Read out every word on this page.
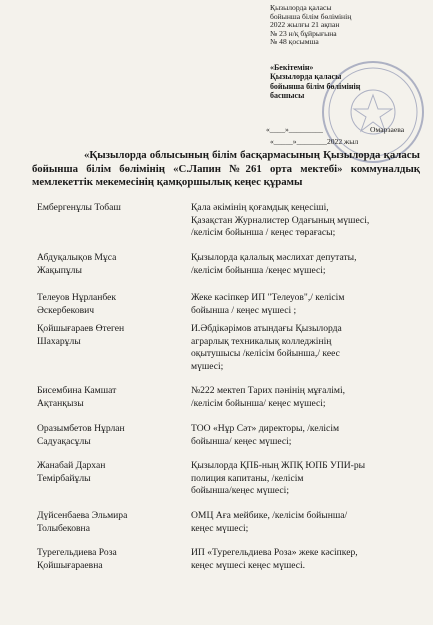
Қызылорда қаласы
бойынша білім бөлімінің
2022 жылғы 21 ақпан
№ 23 н/қ бұйрығына
№ 48 қосымша
«Бекітемін»
Қызылорда қаласы
бойынша білім бөлімінің
басшысы
«____»_________	Омарзаева
«_____»________2022 жыл
«Қызылорда облысының білім басқармасының Қызылорда қаласы бойынша білім бөлімінің «С.Лапин №261 орта мектебі» коммуналдық мемлекеттік мекемесінің қамқоршылық кеңес құрамы
Ембергенұлы Тобаш	Қала әкімінің қоғамдық кеңесіші,
Қазақстан Журналистер Одағының мүшесі,
/келісім бойынша / кеңес төрағасы;
Абдуқалықов Мұса
Жақыпұлы
Қызылорда қалалық мәслихат депутаты,
/келісім бойынша /кеңес мүшесі;
Телеуов Нұрланбек
Әскербекович
Жеке кәсіпкер ИП "Телеуов",/ келісім
бойынша / кеңес мүшесі ;
Қойшығараев Өтеген
Шахарұлы
И.Әбдікәрімов атындағы Қызылорда
аграрлық техникалық колледжінің
оқытушысы /келісім бойынша,/ кеес
мүшесі;
Бисембина Камшат
Ақтанқызы
№222 мектеп Тарих пәнінің мұғалімі,
/келісім бойынша/ кеңес мүшесі;
Оразымбетов Нұрлан
Садуақасұлы
ТОО «Нұр Сәт» директоры, /келісім
бойынша/ кеңес мүшесі;
Жанабай Дархан
Темірбайұлы
Қызылорда ҚПБ-ның ЖПҚ ЮПБ УПИ-ры
полиция капитаны, /келісім
бойынша/кеңес мүшесі;
Дүйсенбаева Эльмира
Толыбековна
ОМЦ Аға мейбике, /келісім бойынша/
кеңес мүшесі;
Турегельдиева Роза
Қойшығараевна
ИП «Турегельдиева Роза» жеке кәсіпкер,
кеңес мүшесі кеңес мүшесі.
